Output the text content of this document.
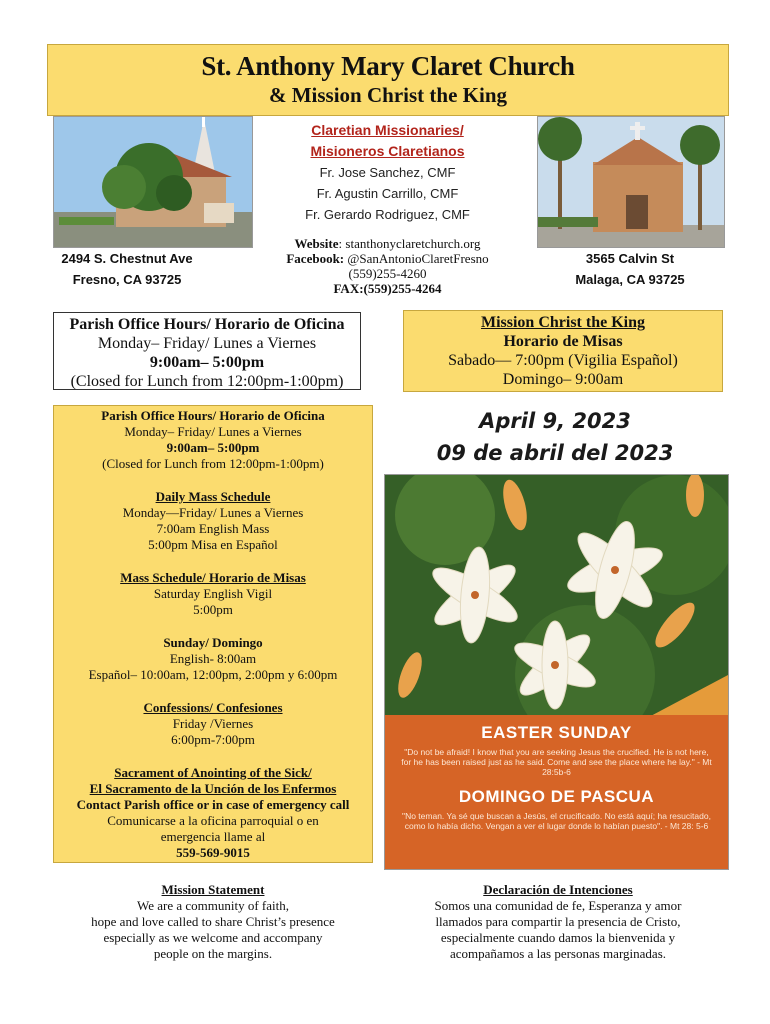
St. Anthony Mary Claret Church
& Mission Christ the King
Claretian Missionaries/
Misioneros Claretianos
Fr. Jose Sanchez, CMF
Fr. Agustin Carrillo, CMF
Fr. Gerardo Rodriguez, CMF
Website: stanthonyclaretchurch.org
Facebook: @SanAntonioClaretFresno
(559)255-4260
FAX:(559)255-4264
2494 S. Chestnut Ave
Fresno, CA 93725
3565 Calvin St
Malaga, CA 93725
Parish Office Hours/ Horario de Oficina
Monday– Friday/ Lunes a Viernes
9:00am– 5:00pm
(Closed for Lunch from 12:00pm-1:00pm)
Mission Christ the King
Horario de Misas
Sabado— 7:00pm (Vigilia Español)
Domingo– 9:00am
Parish Office Hours/ Horario de Oficina
Monday– Friday/ Lunes a Viernes
9:00am– 5:00pm
(Closed for Lunch from 12:00pm-1:00pm)
Daily Mass Schedule
Monday—Friday/ Lunes a Viernes
7:00am English Mass
5:00pm Misa en Español
Mass Schedule/ Horario de Misas
Saturday English Vigil
5:00pm
Sunday/ Domingo
English- 8:00am
Español– 10:00am, 12:00pm, 2:00pm y 6:00pm
Confessions/ Confesiones
Friday /Viernes
6:00pm-7:00pm
Sacrament of Anointing of the Sick/
El Sacramento de la Unción de los Enfermos
Contact Parish office or in case of emergency call
Comunicarse a la oficina parroquial o en
emergencia llame al
559-569-9015
April 9, 2023
09 de abril del 2023
EASTER SUNDAY
"Do not be afraid! I know that you are seeking Jesus the crucified. He is not here, for he has been raised just as he said. Come and see the place where he lay." - Mt 28:5b-6
DOMINGO DE PASCUA
"No teman. Ya sé que buscan a Jesús, el crucificado. No está aquí; ha resucitado, como lo había dicho. Vengan a ver el lugar donde lo habían puesto". - Mt 28: 5-6
Mission Statement
We are a community of faith,
hope and love called to share Christ’s presence
especially as we welcome and accompany
people on the margins.
Declaración de Intenciones
Somos una comunidad de fe, Esperanza y amor
llamados para compartir la presencia de Cristo,
especialmente cuando damos la bienvenida y
acompañamos a las personas marginadas.
